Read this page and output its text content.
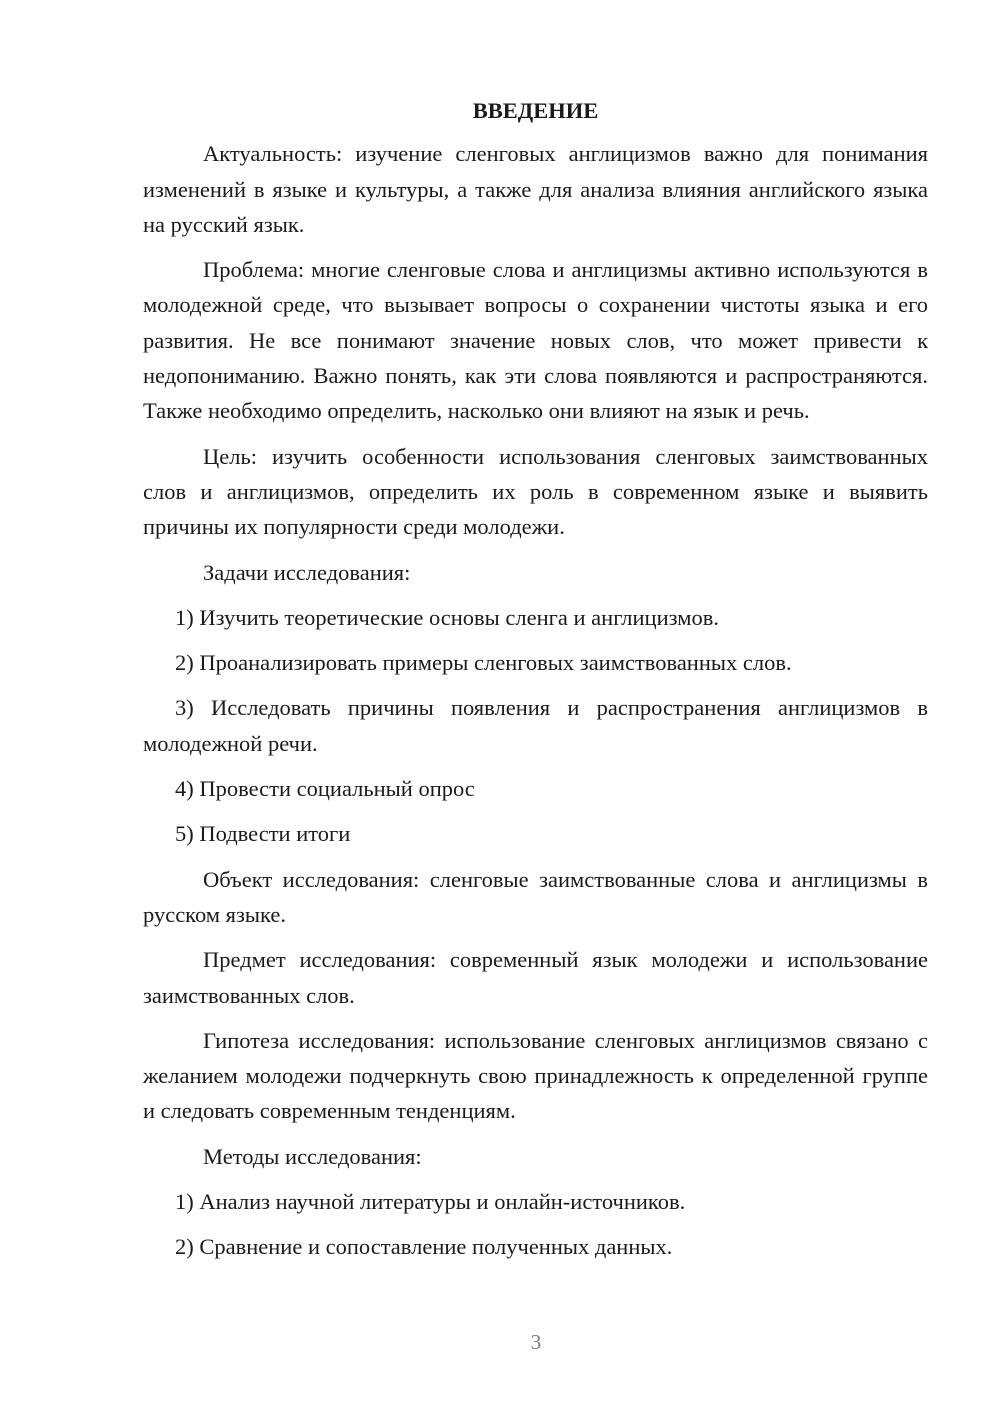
ВВЕДЕНИЕ

Актуальность: изучение сленговых англицизмов важно для понимания изменений в языке и культуры, а также для анализа влияния английского языка на русский язык.

Проблема: многие сленговые слова и англицизмы активно используются в молодежной среде, что вызывает вопросы о сохранении чистоты языка и его развития. Не все понимают значение новых слов, что может привести к недопониманию. Важно понять, как эти слова появляются и распространяются. Также необходимо определить, насколько они влияют на язык и речь.

Цель: изучить особенности использования сленговых заимствованных слов и англицизмов, определить их роль в современном языке и выявить причины их популярности среди молодежи.

Задачи исследования:

1) Изучить теоретические основы сленга и англицизмов.

2) Проанализировать примеры сленговых заимствованных слов.

3) Исследовать причины появления и распространения англицизмов в молодежной речи.

4) Провести социальный опрос

5) Подвести итоги

Объект исследования: сленговые заимствованные слова и англицизмы в русском языке.

Предмет исследования: современный язык молодежи и использование заимствованных слов.

Гипотеза исследования: использование сленговых англицизмов связано с желанием молодежи подчеркнуть свою принадлежность к определенной группе и следовать современным тенденциям.

Методы исследования:

1) Анализ научной литературы и онлайн-источников.

2) Сравнение и сопоставление полученных данных.

3
